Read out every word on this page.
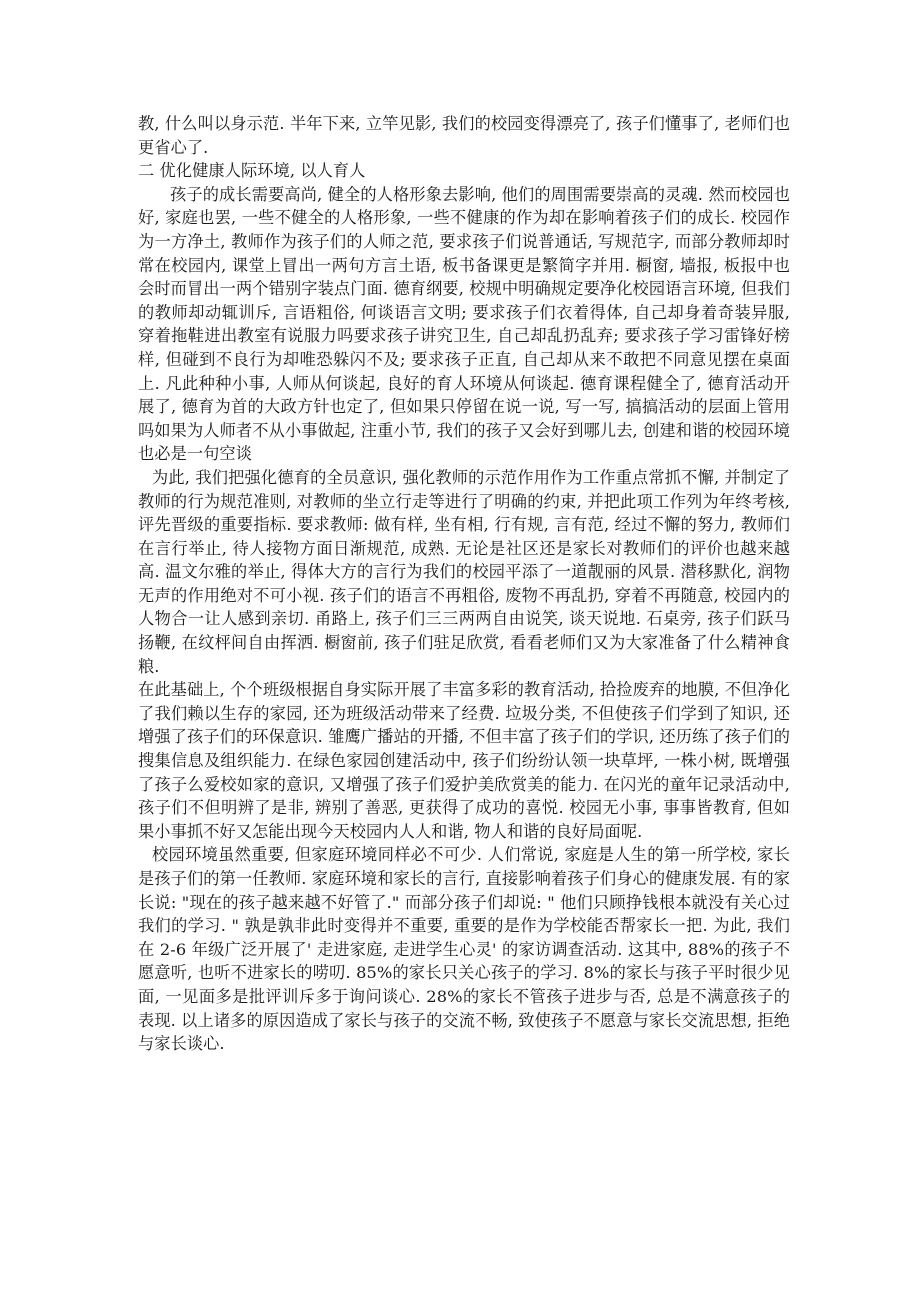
教, 什么叫以身示范. 半年下来, 立竿见影, 我们的校园变得漂亮了, 孩子们懂事了, 老师们也更省心了.

二 优化健康人际环境, 以人育人

孩子的成长需要高尚, 健全的人格形象去影响, 他们的周围需要崇高的灵魂. 然而校园也好, 家庭也罢, 一些不健全的人格形象, 一些不健康的作为却在影响着孩子们的成长. 校园作为一方净土, 教师作为孩子们的人师之范, 要求孩子们说普通话, 写规范字, 而部分教师却时常在校园内, 课堂上冒出一两句方言土语, 板书备课更是繁简字并用. 橱窗, 墙报, 板报中也会时而冒出一两个错别字装点门面. 德育纲要, 校规中明确规定要净化校园语言环境, 但我们的教师却动辄训斥, 言语粗俗, 何谈语言文明; 要求孩子们衣着得体, 自己却身着奇装异服, 穿着拖鞋进出教室有说服力吗要求孩子讲究卫生, 自己却乱扔乱弃; 要求孩子学习雷锋好榜样, 但碰到不良行为却唯恐躲闪不及; 要求孩子正直, 自己却从来不敢把不同意见摆在桌面上. 凡此种种小事, 人师从何谈起, 良好的育人环境从何谈起. 德育课程健全了, 德育活动开展了, 德育为首的大政方针也定了, 但如果只停留在说一说, 写一写, 搞搞活动的层面上管用吗如果为人师者不从小事做起, 注重小节, 我们的孩子又会好到哪儿去, 创建和谐的校园环境也必是一句空谈

为此, 我们把强化德育的全员意识, 强化教师的示范作用作为工作重点常抓不懈, 并制定了教师的行为规范准则, 对教师的坐立行走等进行了明确的约束, 并把此项工作列为年终考核, 评先晋级的重要指标. 要求教师: 做有样, 坐有相, 行有规, 言有范, 经过不懈的努力, 教师们在言行举止, 待人接物方面日渐规范, 成熟. 无论是社区还是家长对教师们的评价也越来越高. 温文尔雅的举止, 得体大方的言行为我们的校园平添了一道靓丽的风景. 潜移默化, 润物无声的作用绝对不可小视. 孩子们的语言不再粗俗, 废物不再乱扔, 穿着不再随意, 校园内的人物合一让人感到亲切. 甬路上, 孩子们三三两两自由说笑, 谈天说地. 石桌旁, 孩子们跃马扬鞭, 在纹枰间自由挥洒. 橱窗前, 孩子们驻足欣赏, 看看老师们又为大家准备了什么精神食粮.

在此基础上, 个个班级根据自身实际开展了丰富多彩的教育活动, 拾捡废弃的地膜, 不但净化了我们赖以生存的家园, 还为班级活动带来了经费. 垃圾分类, 不但使孩子们学到了知识, 还增强了孩子们的环保意识. 雏鹰广播站的开播, 不但丰富了孩子们的学识, 还历练了孩子们的搜集信息及组织能力. 在绿色家园创建活动中, 孩子们纷纷认领一块草坪, 一株小树, 既增强了孩子么爱校如家的意识, 又增强了孩子们爱护美欣赏美的能力. 在闪光的童年记录活动中, 孩子们不但明辨了是非, 辨别了善恶, 更获得了成功的喜悦. 校园无小事, 事事皆教育, 但如果小事抓不好又怎能出现今天校园内人人和谐, 物人和谐的良好局面呢.

校园环境虽然重要, 但家庭环境同样必不可少. 人们常说, 家庭是人生的第一所学校, 家长是孩子们的第一任教师. 家庭环境和家长的言行, 直接影响着孩子们身心的健康发展. 有的家长说: "现在的孩子越来越不好管了." 而部分孩子们却说: " 他们只顾挣钱根本就没有关心过我们的学习. " 孰是孰非此时变得并不重要, 重要的是作为学校能否帮家长一把. 为此, 我们在 2-6 年级广泛开展了' 走进家庭, 走进学生心灵' 的家访调查活动. 这其中, 88%的孩子不愿意听, 也听不进家长的唠叨. 85%的家长只关心孩子的学习. 8%的家长与孩子平时很少见面, 一见面多是批评训斥多于询问谈心. 28%的家长不管孩子进步与否, 总是不满意孩子的表现. 以上诸多的原因造成了家长与孩子的交流不畅, 致使孩子不愿意与家长交流思想, 拒绝与家长谈心.
